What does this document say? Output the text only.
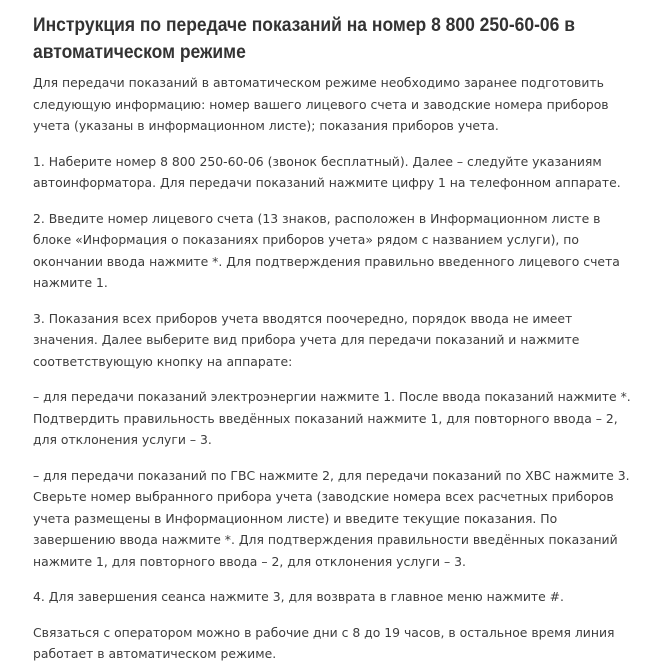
Инструкция по передаче показаний на номер 8 800 250-60-06 в автоматическом режиме

Для передачи показаний в автоматическом режиме необходимо заранее подготовить следующую информацию: номер вашего лицевого счета и заводские номера приборов учета (указаны в информационном листе); показания приборов учета.

1. Наберите номер 8 800 250-60-06 (звонок бесплатный). Далее – следуйте указаниям автоинформатора. Для передачи показаний нажмите цифру 1 на телефонном аппарате.

2. Введите номер лицевого счета (13 знаков, расположен в Информационном листе в блоке «Информация о показаниях приборов учета» рядом с названием услуги), по окончании ввода нажмите *. Для подтверждения правильно введенного лицевого счета нажмите 1.

3. Показания всех приборов учета вводятся поочередно, порядок ввода не имеет значения. Далее выберите вид прибора учета для передачи показаний и нажмите соответствующую кнопку на аппарате:

– для передачи показаний электроэнергии нажмите 1. После ввода показаний нажмите *. Подтвердить правильность введённых показаний нажмите 1, для повторного ввода – 2, для отклонения услуги – 3.

– для передачи показаний по ГВС нажмите 2, для передачи показаний по ХВС нажмите 3. Сверьте номер выбранного прибора учета (заводские номера всех расчетных приборов учета размещены в Информационном листе) и введите текущие показания. По завершению ввода нажмите *. Для подтверждения правильности введённых показаний нажмите 1, для повторного ввода – 2, для отклонения услуги – 3.

4. Для завершения сеанса нажмите 3, для возврата в главное меню нажмите #.

Связаться с оператором можно в рабочие дни с 8 до 19 часов, в остальное время линия работает в автоматическом режиме.
